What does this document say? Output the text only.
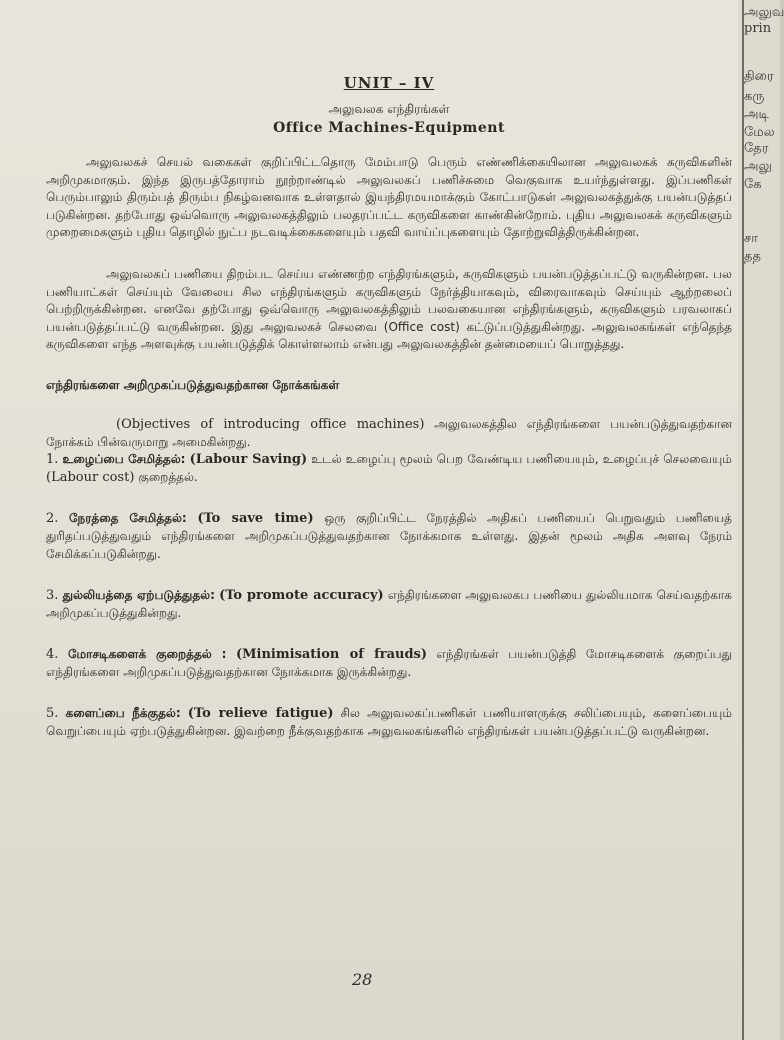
UNIT – IV
அலுவலக எந்திரங்கள்
Office Machines-Equipment

அலுவலகச் செயல் வகைகள் குறிப்பிட்டதொரு மேம்பாடு பெரும் எண்ணிக்கையிலான அலுவலகக் கருவிகளின் அறிமுகமாகும். இந்த இருபத்தோராம் நூற்றாண்டில் அலுவலகப் பணிச்சுமை வெகுவாக உயர்ந்துள்ளது. இப்பணிகள் பெரும்பாலும் திரும்பத் திரும்ப நிகழ்வனவாக உள்ளதால் இயந்திரமயமாக்கும் கோட்பாடுகள் அலுவலகத்துக்கு பயன்படுத்தப் படுகின்றன. தற்போது ஒவ்வொரு அலுவலகத்திலும் பலதரப்பட்ட கருவிகளை காண்கின்றோம். புதிய அலுவலகக் கருவிகளும் முறைமைகளும் புதிய தொழில் நுட்ப நடவடிக்கைகளையும் பதவி வாய்ப்புகளையும் தோற்றுவித்திருக்கின்றன.

அலுவலகப் பணியை திறம்பட செய்ய எண்ணற்ற எந்திரங்களும், கருவிகளும் பயன்படுத்தப்பட்டு வருகின்றன. பல பணியாட்கள் செய்யும் வேலைய சில எந்திரங்களும் கருவிகளும் நேர்த்தியாகவும், விரைவாகவும் செய்யும் ஆற்றலைப் பெற்றிருக்கின்றன. எனவே தற்போது ஒவ்வொரு அலுவலகத்திலும் பலவகையான எந்திரங்களும், கருவிகளும் பரவலாகப் பயன்படுத்தப்பட்டு வருகின்றன. இது அலுவலகச் செலவை (Office cost) கட்டுப்படுத்துகின்றது. அலுவலகங்கள் எந்தெந்த கருவிகளை எந்த அளவுக்கு பயன்படுத்திக் கொள்ளலாம் என்பது அலுவலகத்தின் தன்மையைப் பொறுத்தது.

எந்திரங்களை அறிமுகப்படுத்துவதற்கான நோக்கங்கள்

(Objectives of introducing office machines) அலுவலகத்தில எந்திரங்களை பயன்படுத்துவதற்கான நோக்கம் பின்வருமாறு அமைகின்றது.

1. உழைப்பை சேமித்தல்: (Labour Saving) உடல் உழைப்பு மூலம் பெற வேண்டிய பணியையும், உழைப்புச் செலவையும் (Labour cost) குறைத்தல்.

2. நேரத்தை சேமித்தல்: (To save time) ஒரு குறிப்பிட்ட நேரத்தில் அதிகப் பணியைப் பெறுவதும் பணியைத் துரிதப்படுத்துவதும் எந்திரங்களை அறிமுகப்படுத்துவதற்கான நோக்கமாக உள்ளது. இதன் மூலம் அதிக அளவு நேரம் சேமிக்கப்படுகின்றது.

3. துல்லியத்தை ஏற்படுத்துதல்: (To promote accuracy) எந்திரங்களை அலுவலகப பணியை துல்லியமாக செய்வதற்காக அறிமுகப்படுத்துகின்றது.

4. மோசடிகளைக் குறைத்தல் : (Minimisation of frauds) எந்திரங்கள் பயன்படுத்தி மோசடிகளைக் குறைப்பது எந்திரங்களை அறிமுகப்படுத்துவதற்கான நோக்கமாக இருக்கின்றது.

5. களைப்பை நீக்குதல்: (To relieve fatigue) சில அலுவலகப்பணிகள் பணியாளருக்கு சலிப்பையும், களைப்பையும் வெறுப்பையும் ஏற்படுத்துகின்றன. இவற்றை நீக்குவதற்காக அலுவலகங்களில் எந்திரங்கள் பயன்படுத்தப்பட்டு வருகின்றன.

28
அலுவ
prin
திரை
கரு
அடி
மேல
தேர
அலு
கே
சா
தத
